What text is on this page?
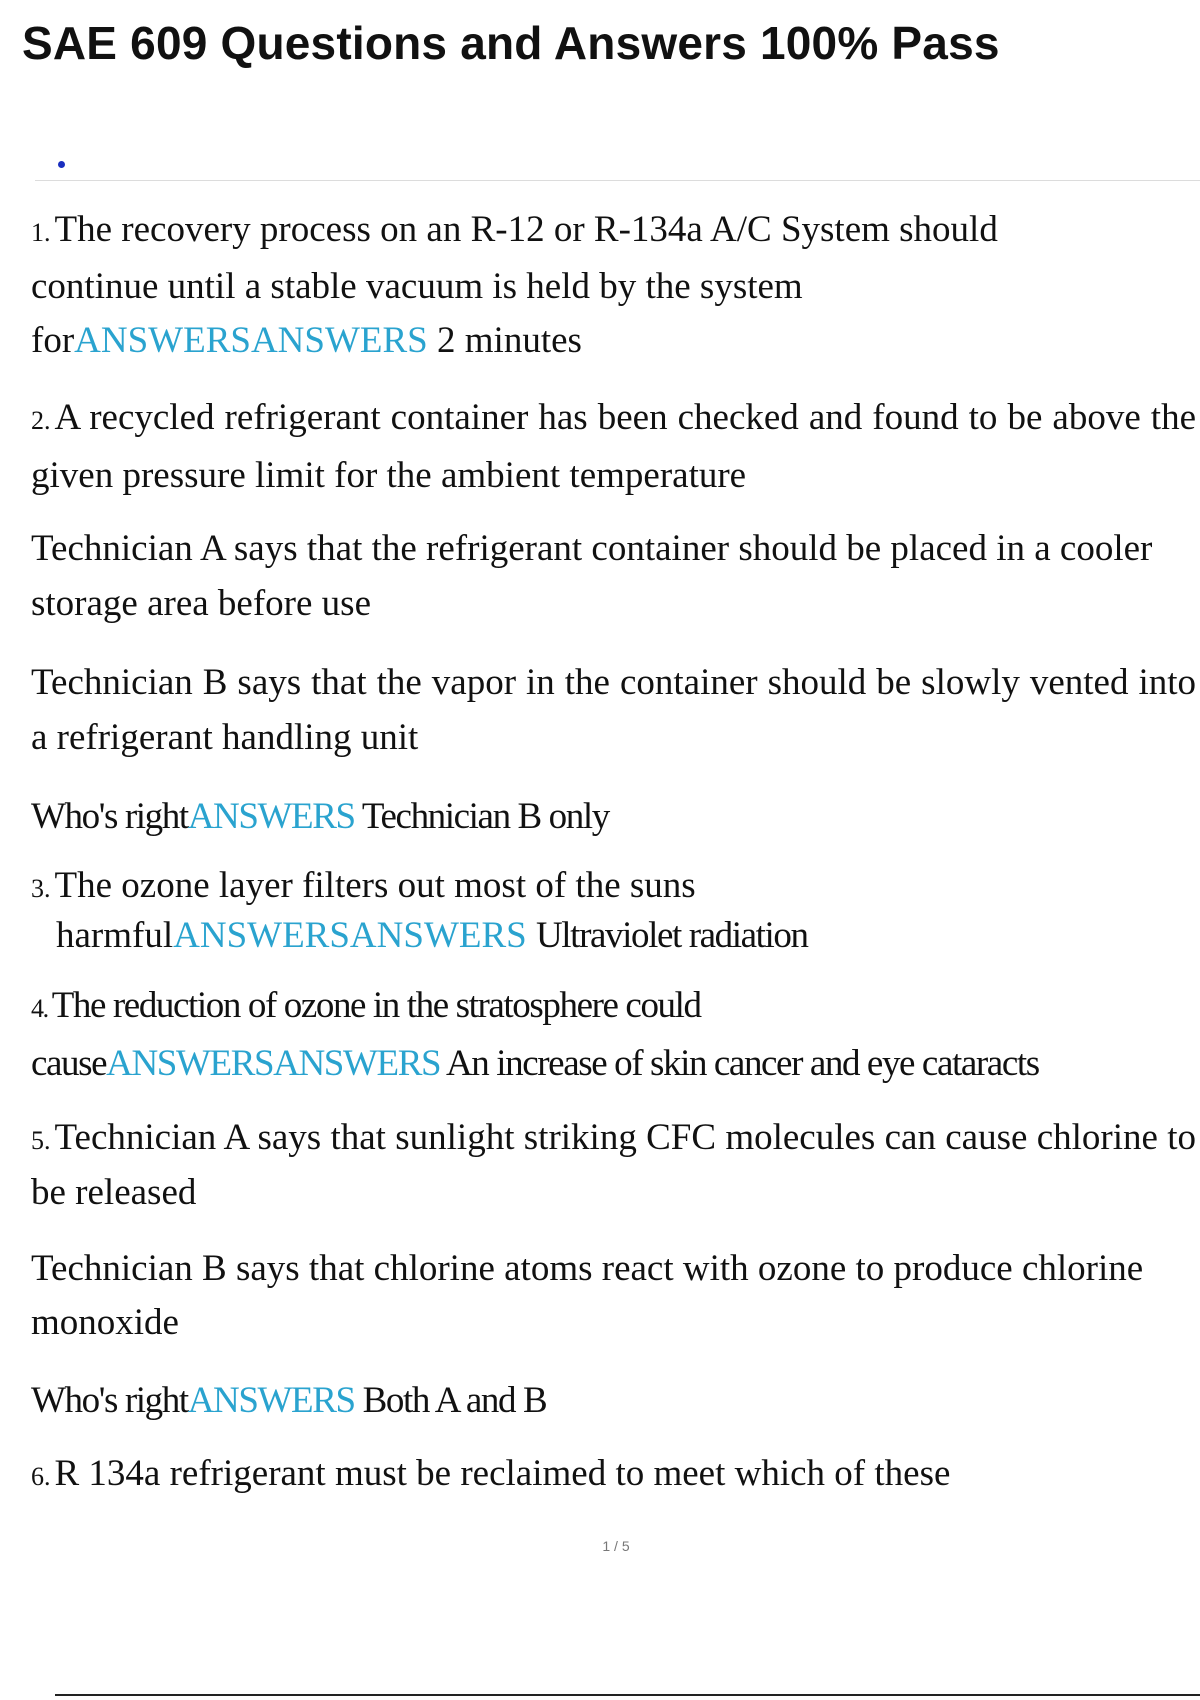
SAE 609 Questions and Answers 100% Pass

1. The recovery process on an R-12 or R-134a A/C System should
continue until a stable vacuum is held by the system
forANSWERSANSWERS 2 minutes

2. A recycled refrigerant container has been checked and found to be above the given pressure limit for the ambient temperature

Technician A says that the refrigerant container should be placed in a cooler storage area before use

Technician B says that the vapor in the container should be slowly vented into a refrigerant handling unit

Who's rightANSWERS Technician B only

3. The ozone layer filters out most of the suns
harmfulANSWERSANSWERS Ultraviolet radiation

4. The reduction of ozone in the stratosphere could
causeANSWERSANSWERS An increase of skin cancer and eye cataracts

5. Technician A says that sunlight striking CFC molecules can cause chlorine to be released

Technician B says that chlorine atoms react with ozone to produce chlorine monoxide

Who's rightANSWERS Both A and B

6. R 134a refrigerant must be reclaimed to meet which of these

1 / 5
